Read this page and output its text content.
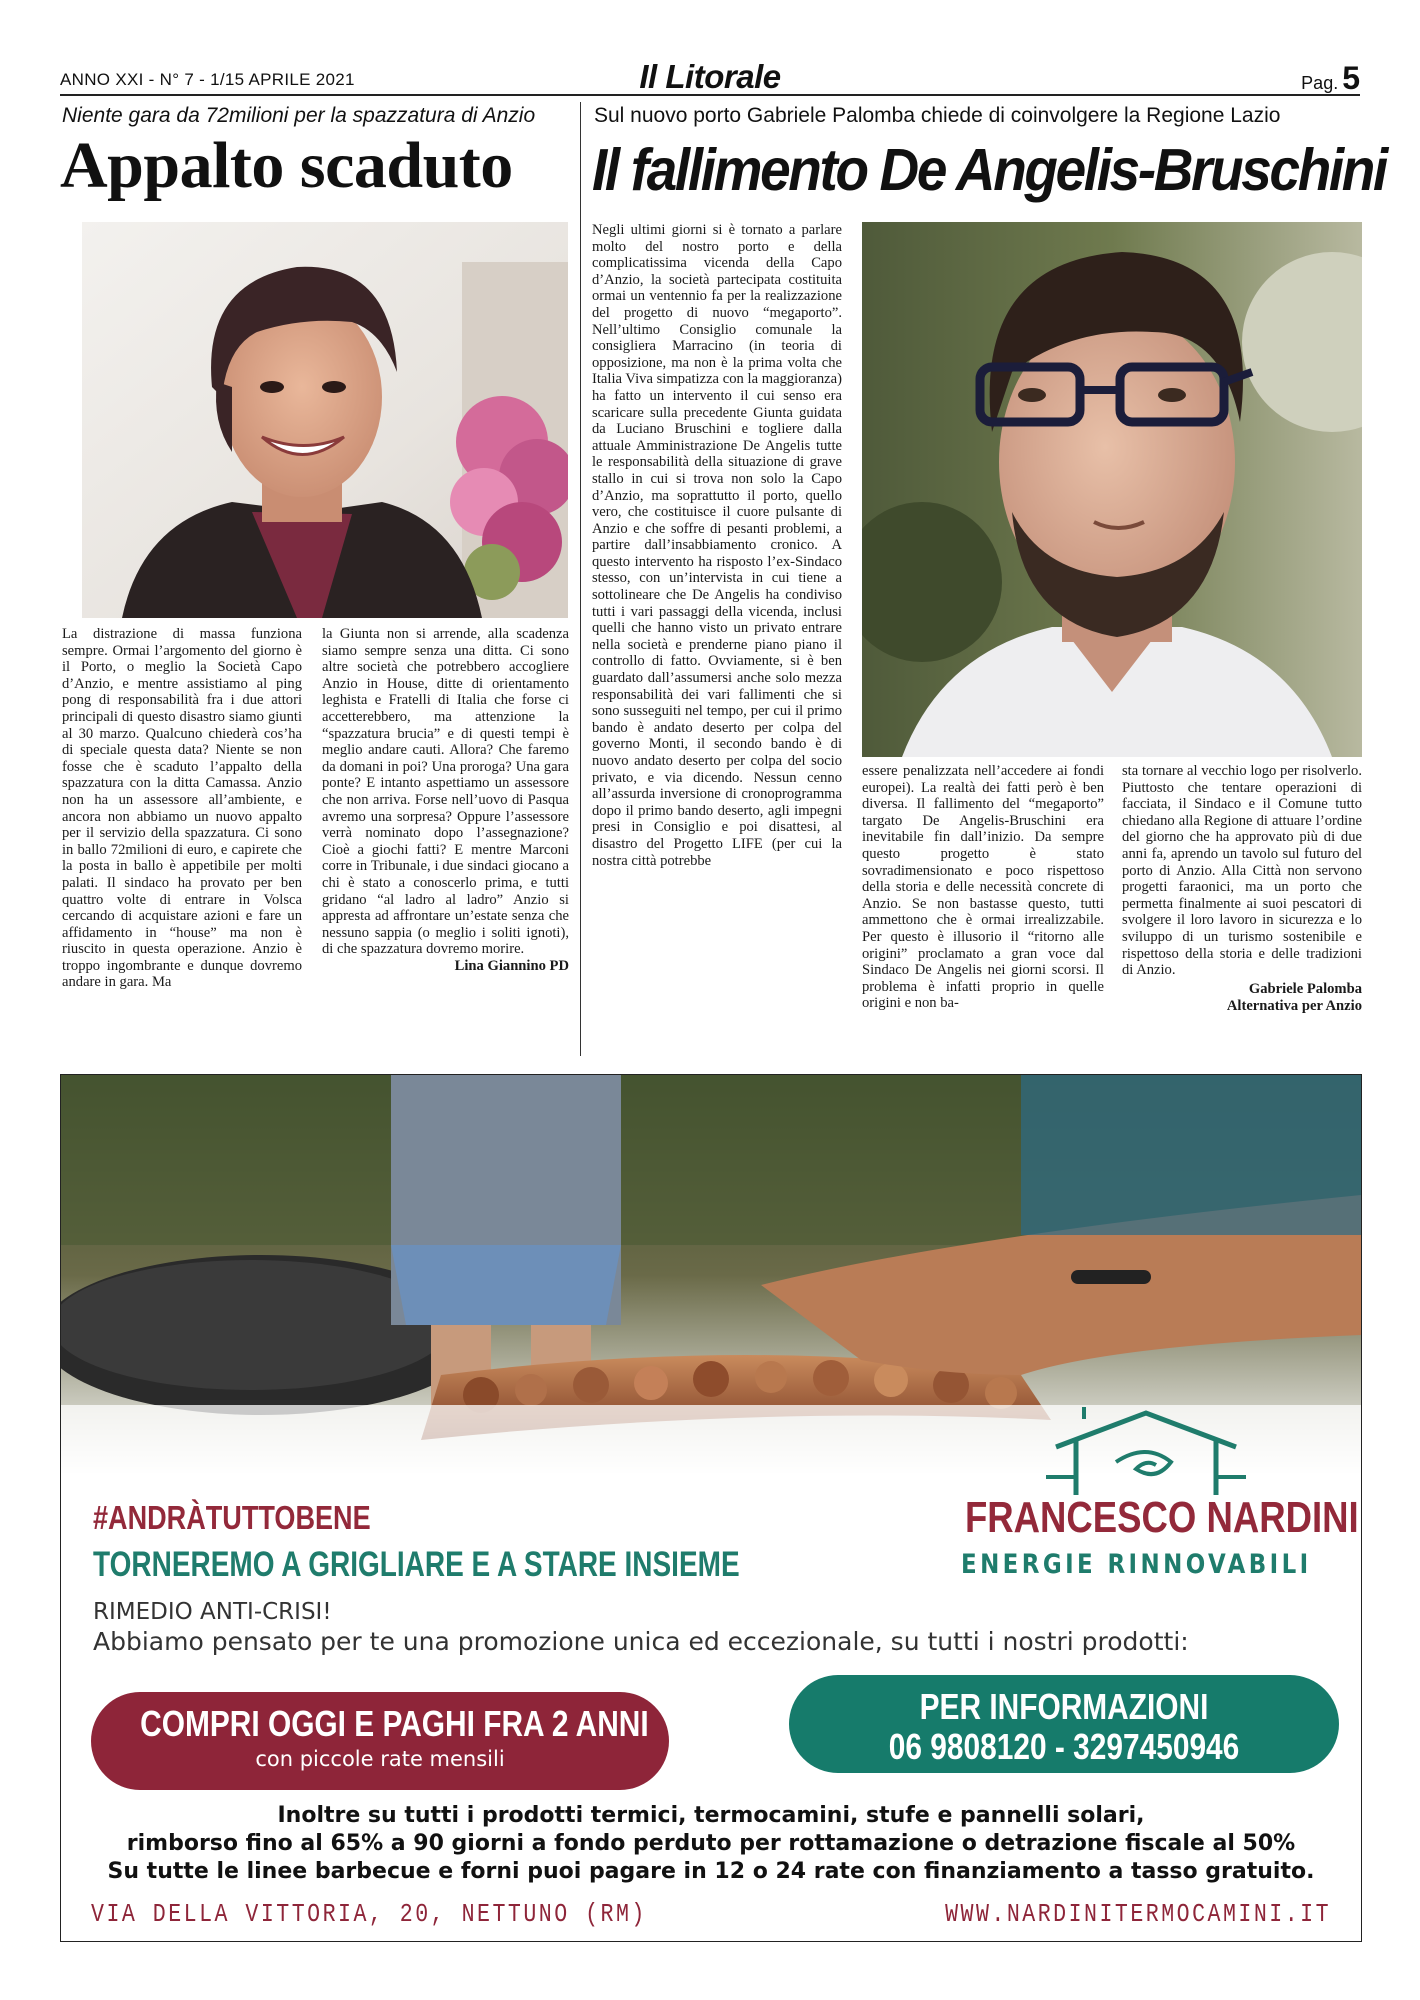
ANNO XXI - N° 7 - 1/15 APRILE 2021	Il Litorale	Pag. 5
Niente gara da 72milioni per la spazzatura di Anzio
Appalto scaduto
La distrazione di massa funziona sempre. Ormai l’argomento del giorno è il Porto, o meglio la Società Capo d’Anzio, e mentre assistiamo al ping pong di responsabilità fra i due attori principali di questo disastro siamo giunti al 30 marzo. Qualcuno chiederà cos’ha di speciale questa data? Niente se non fosse che è scaduto l’appalto della spazzatura con la ditta Camassa. Anzio non ha un assessore all’ambiente, e ancora non abbiamo un nuovo appalto per il servizio della spazzatura. Ci sono in ballo 72milioni di euro, e capirete che la posta in ballo è appetibile per molti palati. Il sindaco ha provato per ben quattro volte di entrare in Volsca cercando di acquistare azioni e fare un affidamento in “house” ma non è riuscito in questa operazione. Anzio è troppo ingombrante e dunque dovremo andare in gara. Ma
la Giunta non si arrende, alla scadenza siamo sempre senza una ditta. Ci sono altre società che potrebbero accogliere Anzio in House, ditte di orientamento leghista e Fratelli di Italia che forse ci accetterebbero, ma attenzione la “spazzatura brucia” e di questi tempi è meglio andare cauti. Allora? Che faremo da domani in poi? Una proroga? Una gara ponte? E intanto aspettiamo un assessore che non arriva. Forse nell’uovo di Pasqua avremo una sorpresa? Oppure l’assessore verrà nominato dopo l’assegnazione? Cioè a giochi fatti? E mentre Marconi corre in Tribunale, i due sindaci giocano a chi è stato a conoscerlo prima, e tutti gridano “al ladro al ladro” Anzio si appresta ad affrontare un’estate senza che nessuno sappia (o meglio i soliti ignoti), di che spazzatura dovremo morire.
Lina Giannino PD
Sul nuovo porto Gabriele Palomba chiede di coinvolgere la Regione Lazio
Il fallimento De Angelis-Bruschini
Negli ultimi giorni si è tornato a parlare molto del nostro porto e della complicatissima vicenda della Capo d’Anzio, la società partecipata costituita ormai un ventennio fa per la realizzazione del progetto di nuovo “megaporto”. Nell’ultimo Consiglio comunale la consigliera Marracino (in teoria di opposizione, ma non è la prima volta che Italia Viva simpatizza con la maggioranza) ha fatto un intervento il cui senso era scaricare sulla precedente Giunta guidata da Luciano Bruschini e togliere dalla attuale Amministrazione De Angelis tutte le responsabilità della situazione di grave stallo in cui si trova non solo la Capo d’Anzio, ma soprattutto il porto, quello vero, che costituisce il cuore pulsante di Anzio e che soffre di pesanti problemi, a partire dall’insabbiamento cronico. A questo intervento ha risposto l’ex-Sindaco stesso, con un’intervista in cui tiene a sottolineare che De Angelis ha condiviso tutti i vari passaggi della vicenda, inclusi quelli che hanno visto un privato entrare nella società e prenderne piano piano il controllo di fatto. Ovviamente, si è ben guardato dall’assumersi anche solo mezza responsabilità dei vari fallimenti che si sono susseguiti nel tempo, per cui il primo bando è andato deserto per colpa del governo Monti, il secondo bando è di nuovo andato deserto per colpa del socio privato, e via dicendo. Nessun cenno all’assurda inversione di cronoprogramma dopo il primo bando deserto, agli impegni presi in Consiglio e poi disattesi, al disastro del Progetto LIFE (per cui la nostra città potrebbe
essere penalizzata nell’accedere ai fondi europei). La realtà dei fatti però è ben diversa. Il fallimento del “megaporto” targato De Angelis-Bruschini era inevitabile fin dall’inizio. Da sempre questo progetto è stato sovradimensionato e poco rispettoso della storia e delle necessità concrete di Anzio. Se non bastasse questo, tutti ammettono che è ormai irrealizzabile. Per questo è illusorio il “ritorno alle origini” proclamato a gran voce dal Sindaco De Angelis nei giorni scorsi. Il problema è infatti proprio in quelle origini e non ba-
sta tornare al vecchio logo per risolverlo. Piuttosto che tentare operazioni di facciata, il Sindaco e il Comune tutto chiedano alla Regione di attuare l’ordine del giorno che ha approvato più di due anni fa, aprendo un tavolo sul futuro del porto di Anzio. Alla Città non servono progetti faraonici, ma un porto che permetta finalmente ai suoi pescatori di svolgere il loro lavoro in sicurezza e lo sviluppo di un turismo sostenibile e rispettoso della storia e delle tradizioni di Anzio.
Gabriele Palomba
Alternativa per Anzio
#ANDRÀTUTTOBENE
TORNEREMO A GRIGLIARE E A STARE INSIEME
RIMEDIO ANTI-CRISI!
Abbiamo pensato per te una promozione unica ed eccezionale, su tutti i nostri prodotti:
FRANCESCO NARDINI
ENERGIE RINNOVABILI
COMPRI OGGI E PAGHI FRA 2 ANNI
con piccole rate mensili
PER INFORMAZIONI
06 9808120 - 3297450946
Inoltre su tutti i prodotti termici, termocamini, stufe e pannelli solari,
rimborso fino al 65% a 90 giorni a fondo perduto per rottamazione o detrazione fiscale al 50%
Su tutte le linee barbecue e forni puoi pagare in 12 o 24 rate con finanziamento a tasso gratuito.
VIA DELLA VITTORIA, 20, NETTUNO (RM)	WWW.NARDINITERMOCAMINI.IT
